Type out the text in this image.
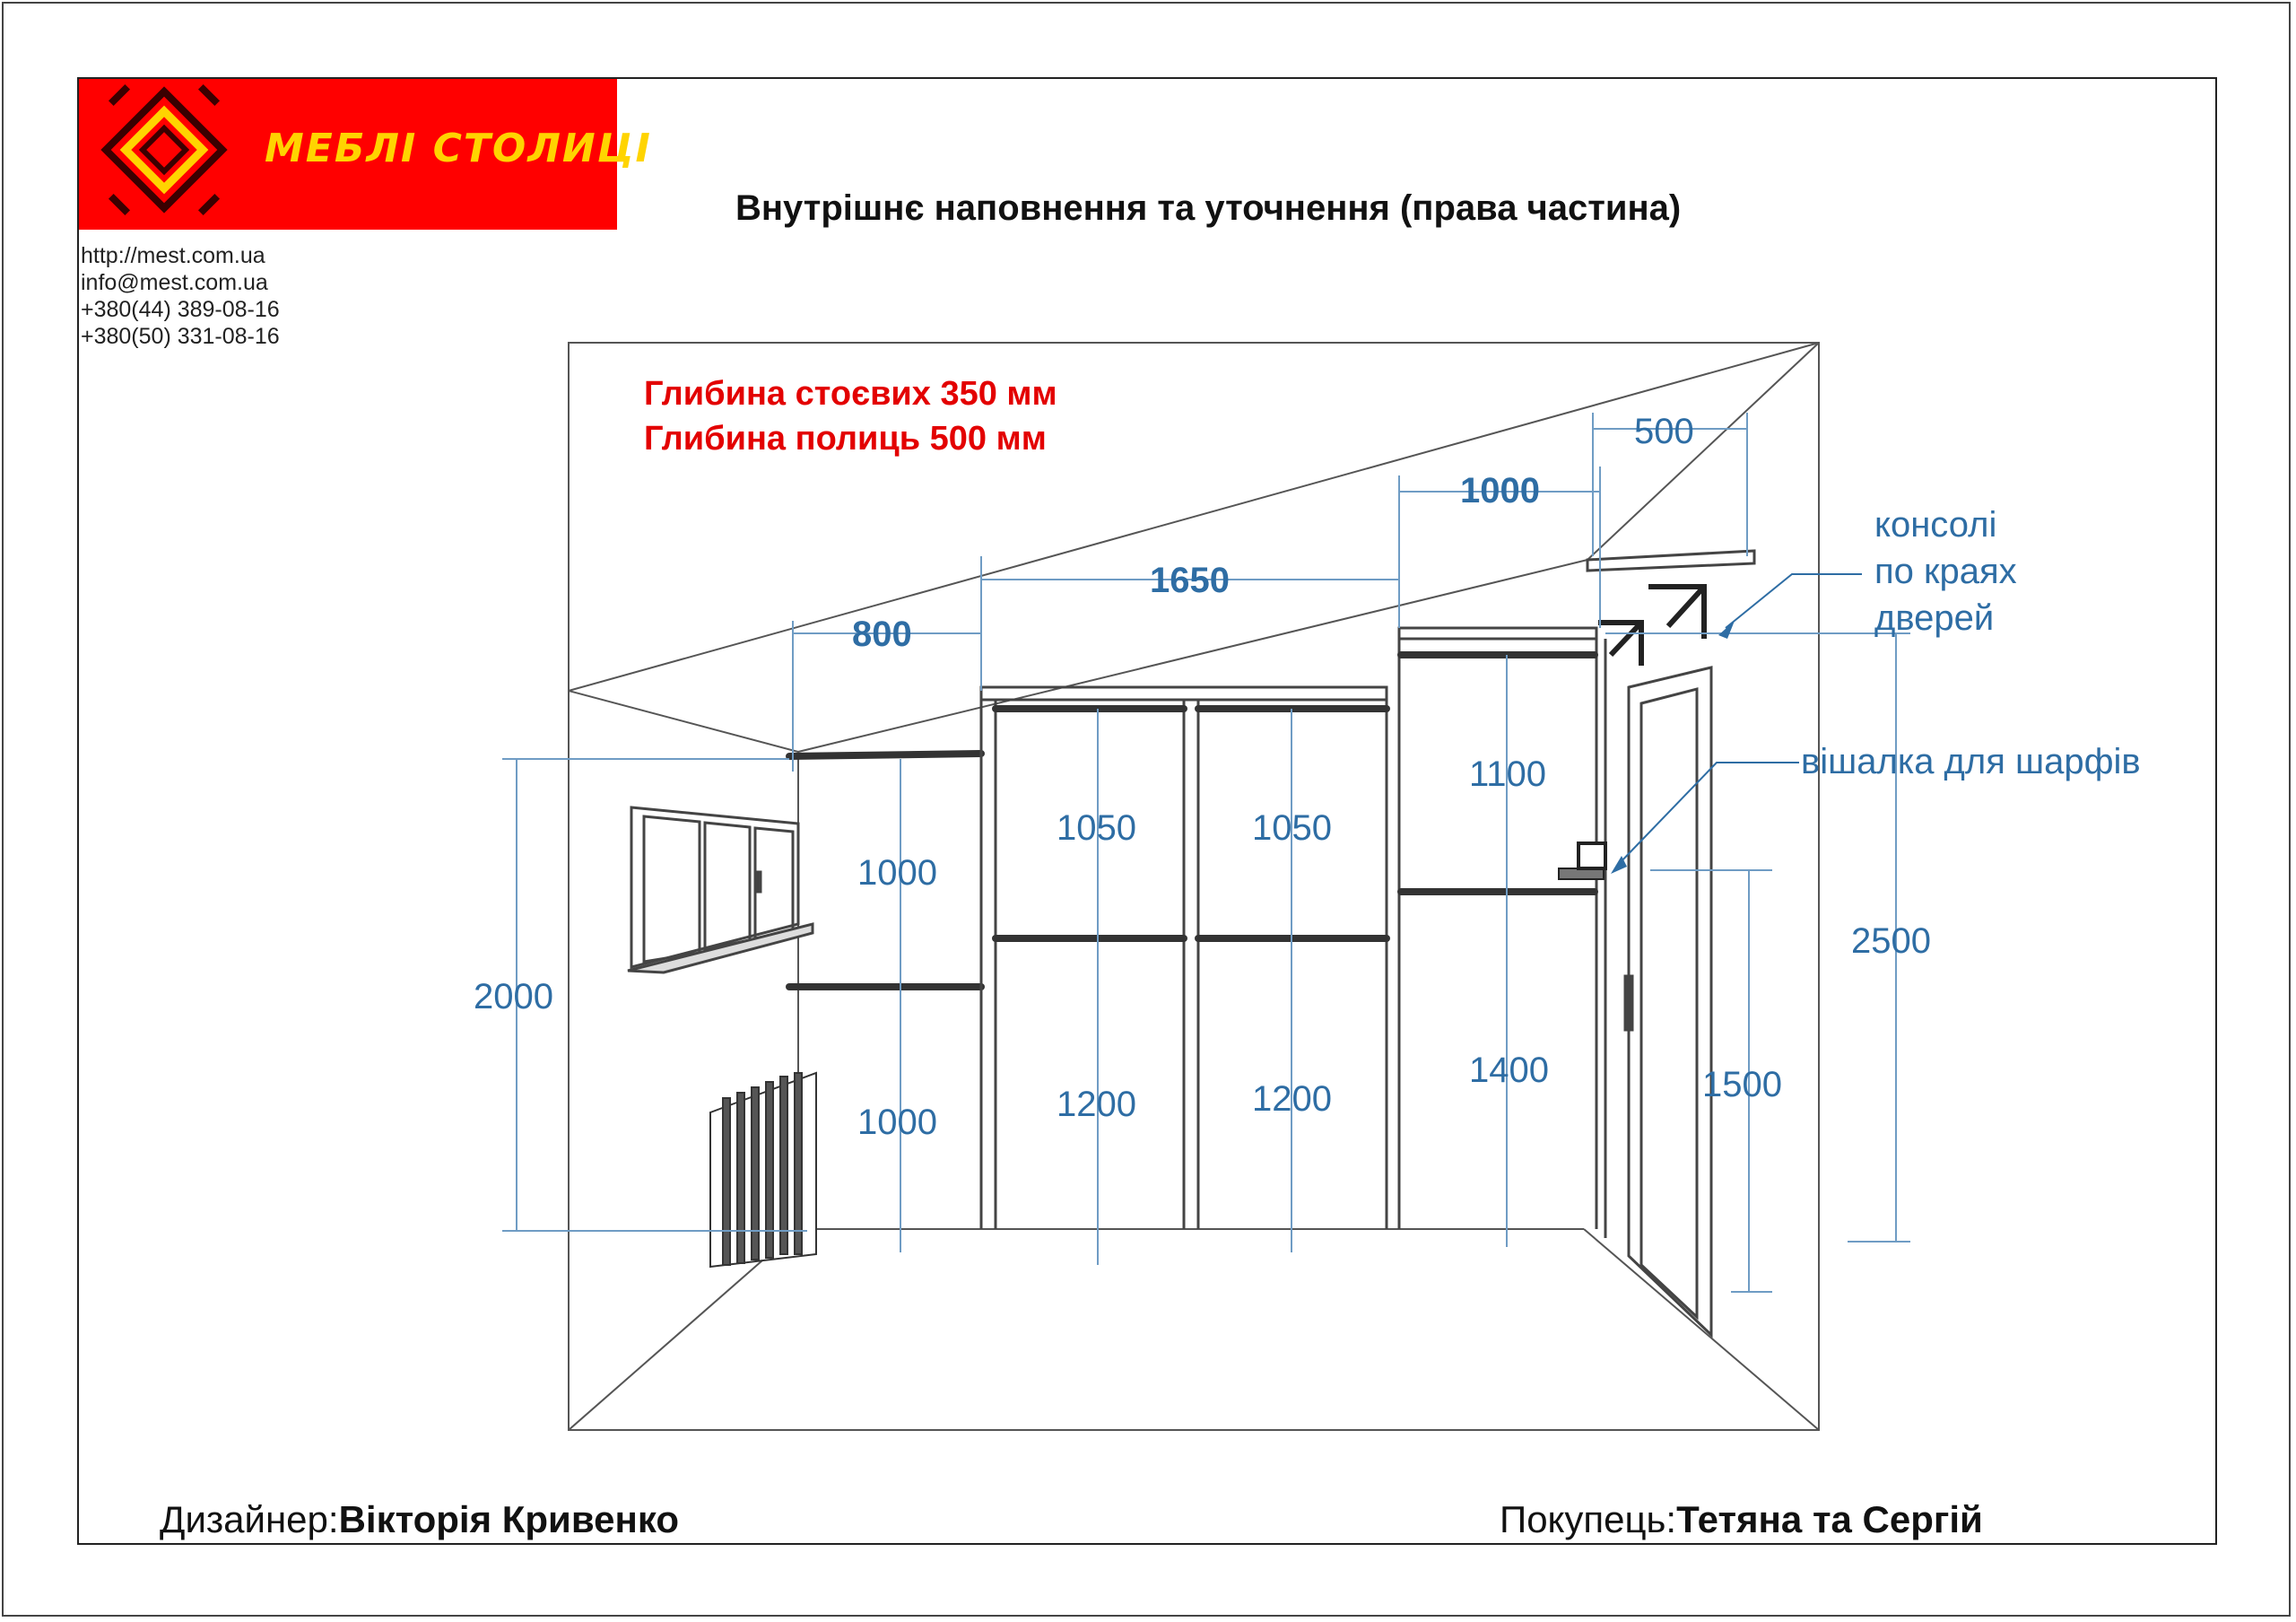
МЕБЛІ СТОЛИЦІ
http://mest.com.ua
info@mest.com.ua
+380(44) 389-08-16
+380(50) 331-08-16
Внутрішнє наповнення та уточнення (права частина)
Глибина стоєвих 350 мм
Глибина полиць 500 мм
800
1650
1000
500
2000
1000
1000
1050
1200
1050
1200
1100
1400	1500
2500
консолі
по краях
дверей
вішалка для шарфів
Дизайнер:Вікторія Кривенко	Покупець:Тетяна та Сергій
